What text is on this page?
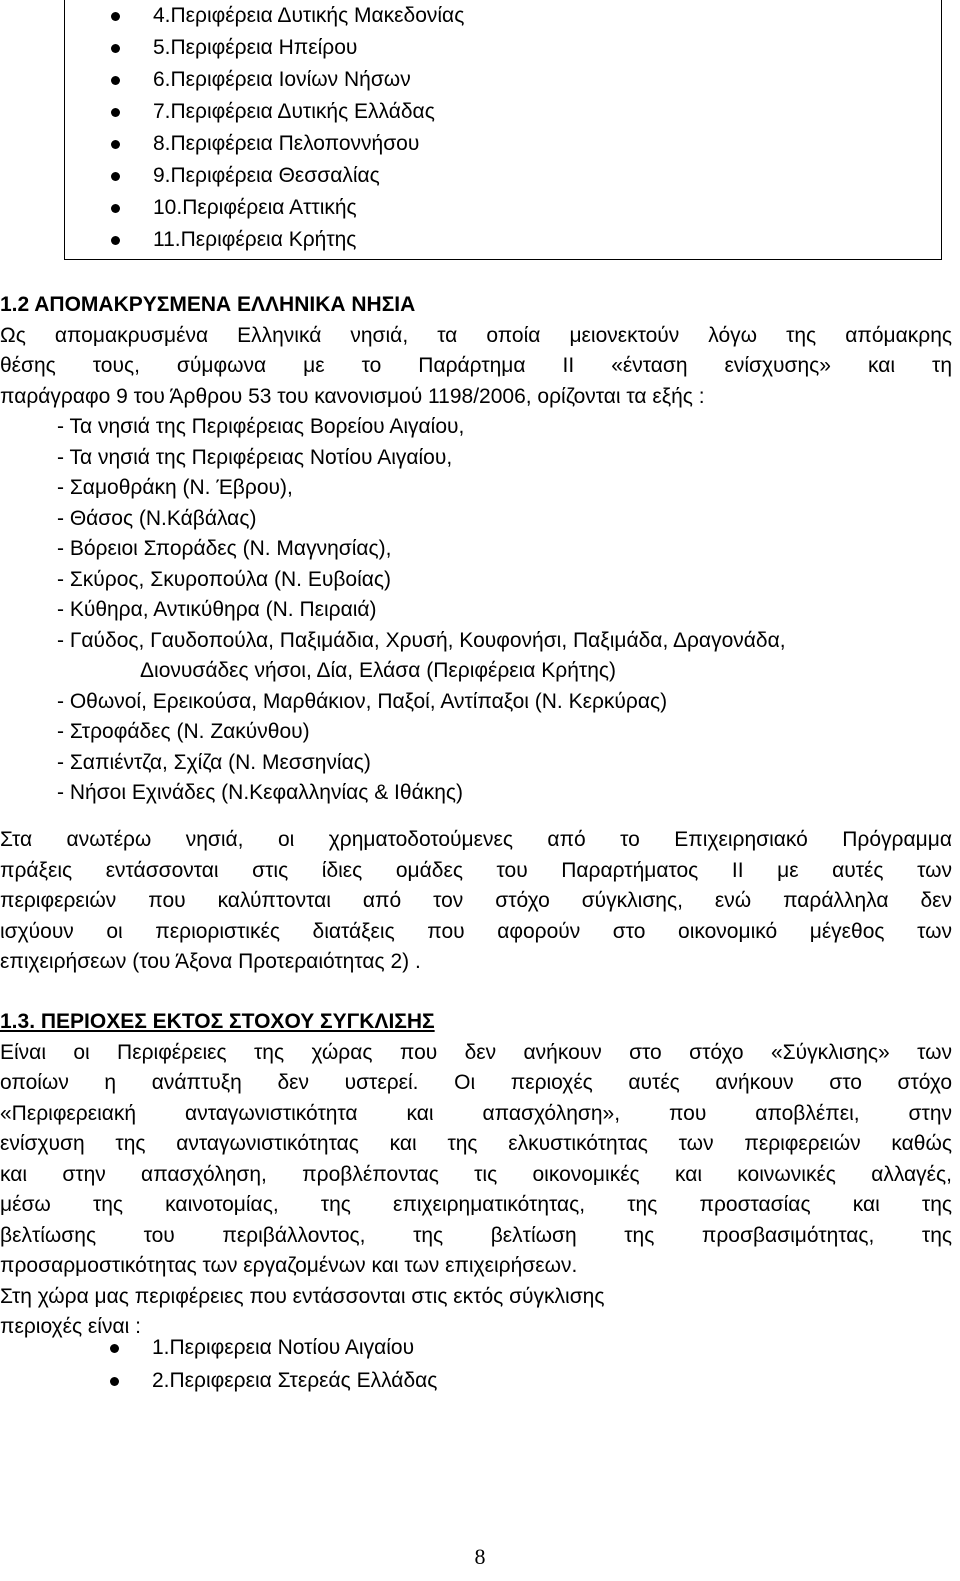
4.Περιφέρεια Δυτικής Μακεδονίας
5.Περιφέρεια Ηπείρου
6.Περιφέρεια Ιονίων Νήσων
7.Περιφέρεια Δυτικής Ελλάδας
8.Περιφέρεια Πελοποννήσου
9.Περιφέρεια Θεσσαλίας
10.Περιφέρεια Αττικής
11.Περιφέρεια Κρήτης

1.2 ΑΠΟΜΑΚΡΥΣΜΕΝΑ ΕΛΛΗΝΙΚΑ ΝΗΣΙΑ

Ως απομακρυσμένα Ελληνικά νησιά, τα οποία μειονεκτούν λόγω της απόμακρης
θέσης τους, σύμφωνα με το Παράρτημα ΙΙ «ένταση ενίσχυσης» και τη
παράγραφο 9 του Άρθρου 53 του κανονισμού 1198/2006, ορίζονται τα εξής :

- Τα νησιά της Περιφέρειας Βορείου Αιγαίου,
- Τα νησιά της Περιφέρειας Νοτίου Αιγαίου,
- Σαμοθράκη (Ν. Έβρου),
- Θάσος (Ν.Κάβάλας)
- Βόρειοι Σποράδες (Ν. Μαγνησίας),
- Σκύρος, Σκυροπούλα (Ν. Ευβοίας)
- Κύθηρα, Αντικύθηρα (Ν. Πειραιά)
- Γαύδος, Γαυδοπούλα, Παξιμάδια, Χρυσή, Κουφονήσι, Παξιμάδα, Δραγονάδα,
Διονυσάδες νήσοι, Δία, Ελάσα (Περιφέρεια Κρήτης)
- Οθωνοί, Ερεικούσα, Μαρθάκιον, Παξοί, Αντίπαξοι (Ν. Κερκύρας)
- Στροφάδες (Ν. Ζακύνθου)
- Σαπιέντζα, Σχίζα (Ν. Μεσσηνίας)
- Νήσοι Εχινάδες (Ν.Κεφαλληνίας & Ιθάκης)
Στα ανωτέρω νησιά, οι χρηματοδοτούμενες από το Επιχειρησιακό Πρόγραμμα
πράξεις εντάσσονται στις ίδιες ομάδες του Παραρτήματος ΙΙ με αυτές των
περιφερειών που καλύπτονται από τον στόχο σύγκλισης, ενώ παράλληλα δεν
ισχύουν οι περιοριστικές διατάξεις που αφορούν στο οικονομικό μέγεθος των
επιχειρήσεων (του Άξονα Προτεραιότητας 2) .

1.3. ΠΕΡΙΟΧΕΣ ΕΚΤΟΣ ΣΤΟΧΟΥ ΣΥΓΚΛΙΣΗΣ

Είναι οι Περιφέρειες της χώρας που δεν ανήκουν στο στόχο «Σύγκλισης» των
οποίων η ανάπτυξη δεν υστερεί. Οι περιοχές αυτές ανήκουν στο στόχο
«Περιφερειακή ανταγωνιστικότητα και απασχόληση», που αποβλέπει, στην
ενίσχυση της ανταγωνιστικότητας και της ελκυστικότητας των περιφερειών καθώς
και στην απασχόληση, προβλέποντας τις οικονομικές και κοινωνικές αλλαγές,
μέσω της καινοτομίας, της επιχειρηματικότητας, της προστασίας και της
βελτίωσης του περιβάλλοντος, της βελτίωση της προσβασιμότητας, της
προσαρμοστικότητας των εργαζομένων και των επιχειρήσεων.

Στη χώρα μας περιφέρειες που εντάσσονται στις εκτός σύγκλισης
περιοχές είναι :

1.Περιφερεια Νοτίου Αιγαίου
2.Περιφερεια Στερεάς Ελλάδας
8
